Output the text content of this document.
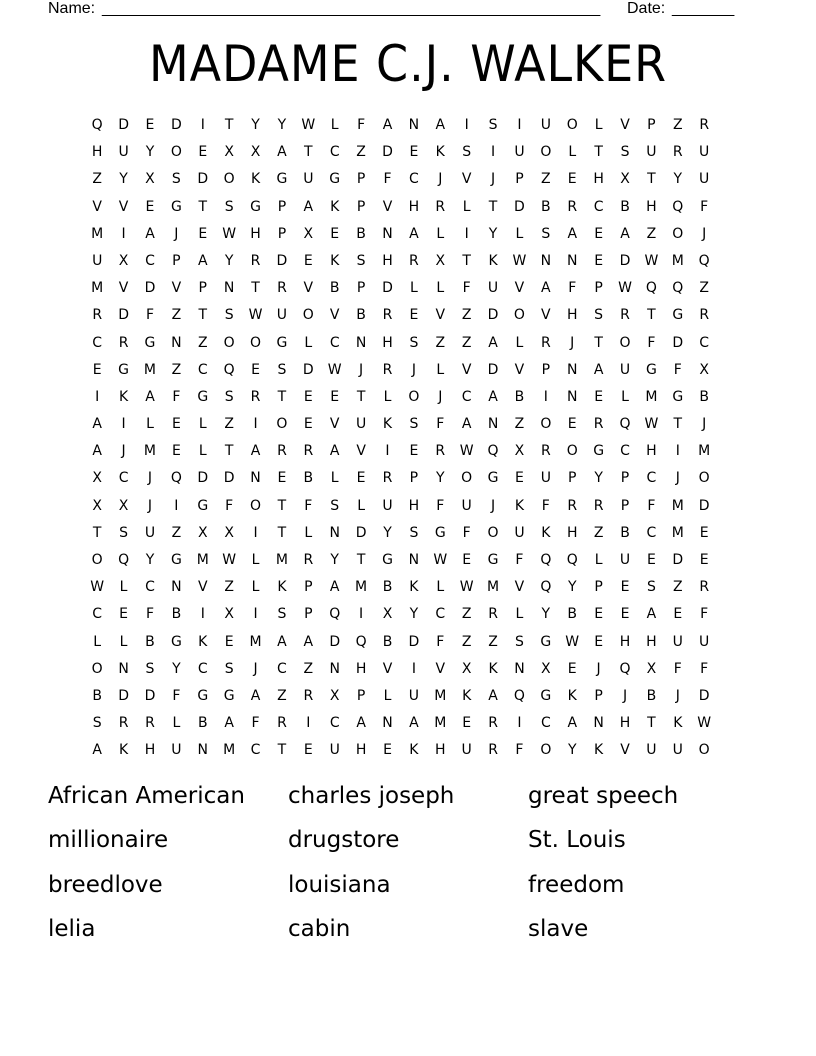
Name: ________________________________________________________ Date: _______
MADAME C.J. WALKER
Q	D	E	D	I	T	Y	Y	W	L	F	A	N	A	I	S	I	U	O	L	V	P	Z	R
H	U	Y	O	E	X	X	A	T	C	Z	D	E	K	S	I	U	O	L	T	S	U	R	U
Z	Y	X	S	D	O	K	G	U	G	P	F	C	J	V	J	P	Z	E	H	X	T	Y	U
V	V	E	G	T	S	G	P	A	K	P	V	H	R	L	T	D	B	R	C	B	H	Q	F
M	I	A	J	E	W	H	P	X	E	B	N	A	L	I	Y	L	S	A	E	A	Z	O	J
U	X	C	P	A	Y	R	D	E	K	S	H	R	X	T	K	W	N	N	E	D	W M	Q
M	V	D	V	P	N	T	R	V	B	P	D	L	L	F	U	V	A	F	P	W Q	Q	Z
R	D	F	Z	T	S	W	U	O	V	B	R	E	V	Z	D	O	V	H	S	R	T	G	R
C	R	G	N	Z	O	O	G	L	C	N	H	S	Z	Z	A	L	R	J	T	O	F	D	C
E	G	M	Z	C	Q	E	S	D	W	J	R	J	L	V	D	V	P	N	A	U	G	F	X
I	K	A	F	G	S	R	T	E	E	T	L	O	J	C	A	B	I	N	E	L	M	G	B
A	I	L	E	L	Z	I	O	E	V	U	K	S	F	A	N	Z	O	E	R	Q W	T	J
A	J	M	E	L	T	A	R	R	A	V	I	E	R	W Q	X	R	O	G	C	H	I	M
X	C	J	Q	D	D	N	E	B	L	E	R	P	Y	O	G	E	U	P	Y	P	C	J	O
X	X	J	I	G	F	O	T	F	S	L	U	H	F	U	J	K	F	R	R	P	F	M	D
T	S	U	Z	X	X	I	T	L	N	D	Y	S	G	F	O	U	K	H	Z	B	C	M	E
O	Q	Y	G	M W	L	M	R	Y	T	G	N	W	E	G	F	Q	Q	L	U	E	D	E
W	L	C	N	V	Z	L	K	P	A	M	B	K	L	W M	V	Q	Y	P	E	S	Z	R
C	E	F	B	I	X	I	S	P	Q	I	X	Y	C	Z	R	L	Y	B	E	E	A	E	F
L	L	B	G	K	E	M	A	A	D	Q	B	D	F	Z	Z	S	G	W	E	H	H	U	U
O	N	S	Y	C	S	J	C	Z	N	H	V	I	V	X	K	N	X	E	J	Q	X	F	F
B	D	D	F	G	G	A	Z	R	X	P	L	U	M	K	A	Q	G	K	P	J	B	J	D
S	R	R	L	B	A	F	R	I	C	A	N	A	M	E	R	I	C	A	N	H	T	K	W
A	K	H	U	N	M	C	T	E	U	H	E	K	H	U	R	F	O	Y	K	V	U	U	O
African American	charles joseph	great speech
millionaire	drugstore	St. Louis
breedlove	louisiana	freedom
lelia	cabin	slave
